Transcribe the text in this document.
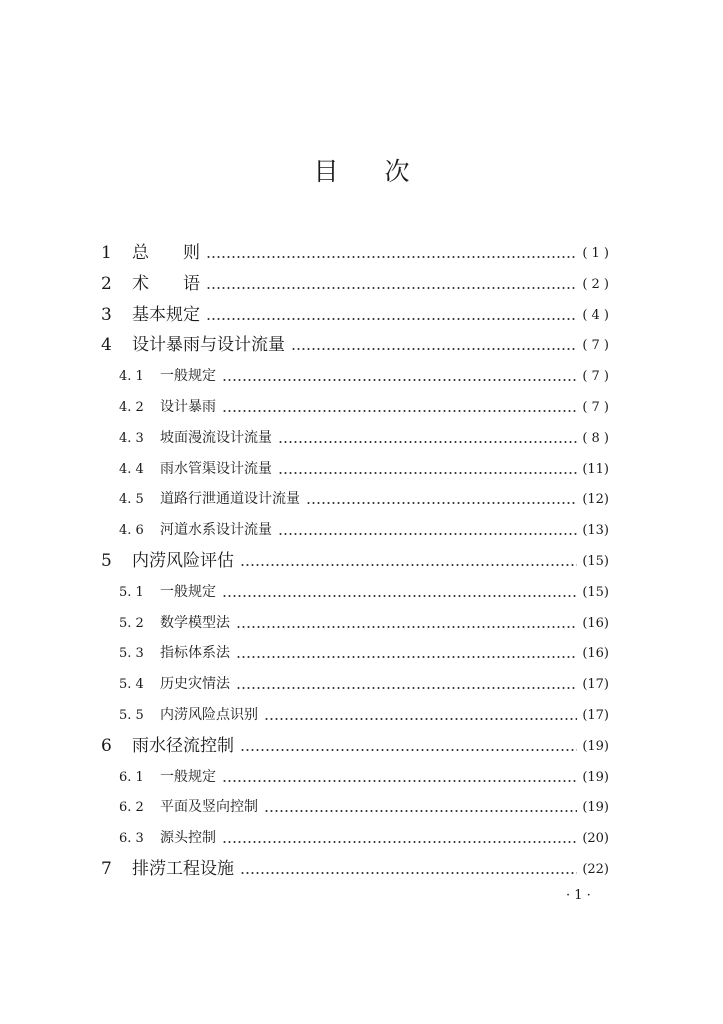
目 次
1 总　　则	( 1 )
2 术　　语	( 2 )
3 基本规定	( 4 )
4 设计暴雨与设计流量	( 7 )
4. 1 一般规定	( 7 )
4. 2 设计暴雨	( 7 )
4. 3 坡面漫流设计流量	( 8 )
4. 4 雨水管渠设计流量	(11)
4. 5 道路行泄通道设计流量	(12)
4. 6 河道水系设计流量	(13)
5 内涝风险评估	(15)
5. 1 一般规定	(15)
5. 2 数学模型法	(16)
5. 3 指标体系法	(16)
5. 4 历史灾情法	(17)
5. 5 内涝风险点识别	(17)
6 雨水径流控制	(19)
6. 1 一般规定	(19)
6. 2 平面及竖向控制	(19)
6. 3 源头控制	(20)
7 排涝工程设施	(22)
· 1 ·
